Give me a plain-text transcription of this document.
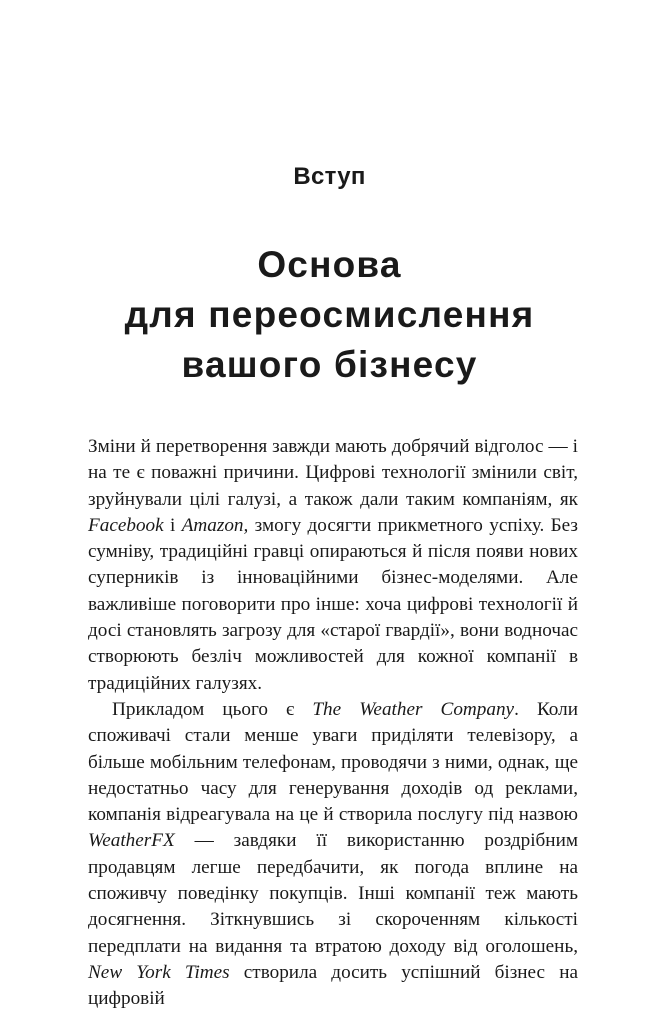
Вступ
Основа
для переосмислення
вашого бізнесу

Зміни й перетворення завжди мають добрячий відголос — і на те є поважні причини. Цифрові технології змінили світ, зруйнували цілі галузі, а також дали таким компаніям, як Facebook і Amazon, змогу досягти прикметного успіху. Без сумніву, традиційні гравці опираються й після появи нових суперників із інноваційними бізнес-моделями. Але важливіше поговорити про інше: хоча цифрові технології й досі становлять загрозу для «старої гвардії», вони водночас створюють безліч можливостей для кожної компанії в традиційних галузях.

Прикладом цього є The Weather Company. Коли споживачі стали менше уваги приділяти телевізору, а більше мобільним телефонам, проводячи з ними, однак, ще недостатньо часу для генерування доходів од реклами, компанія відреагувала на це й створила послугу під назвою WeatherFX — завдяки її використанню роздрібним продавцям легше передбачити, як погода вплине на споживчу поведінку покупців. Інші компанії теж мають досягнення. Зіткнувшись зі скороченням кількості передплати на видання та втратою доходу від оголошень, New York Times створила досить успішний бізнес на цифровій
